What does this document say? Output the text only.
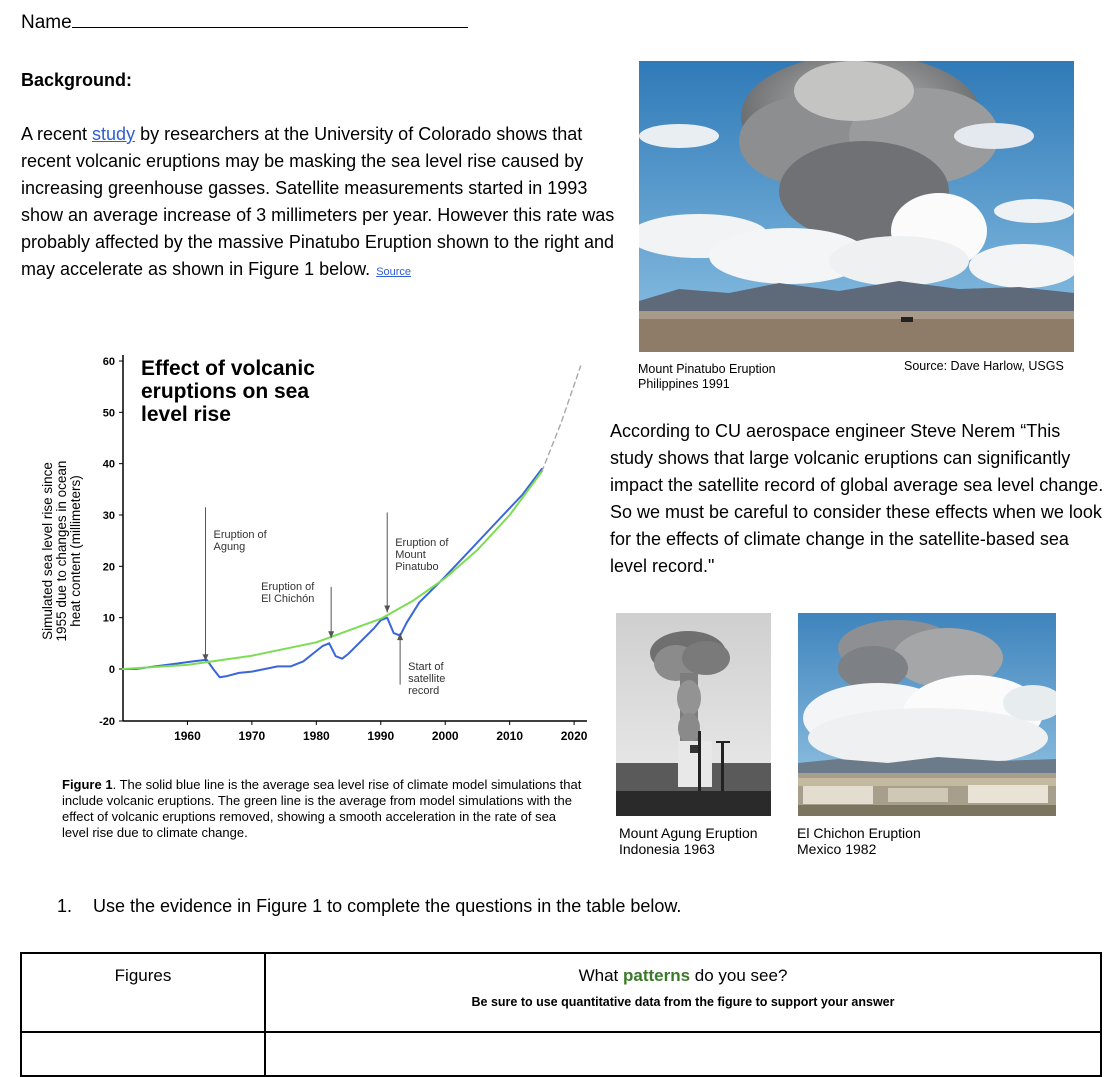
Name
Background:
A recent study by researchers at the University of Colorado shows that recent volcanic eruptions may be masking the sea level rise caused by increasing greenhouse gasses. Satellite measurements started in 1993 show an average increase of 3 millimeters per year. However this rate was probably affected by the massive Pinatubo Eruption shown to the right and may accelerate as shown in Figure 1 below. Source
Mount Pinatubo Eruption
Philippines 1991
Source: Dave Harlow, USGS
According to CU aerospace engineer Steve Nerem “This study shows that large volcanic eruptions can significantly impact the satellite record of global average sea level change. So we must be careful to consider these effects when we look for the effects of climate change in the satellite-based sea level record."
60
50
40
30
20
10
0
-20
1960	1970	1980	1990	2000	2010	2020
Simulated sea level rise since 1955 due to changes in ocean heat content (millimeters)
Effect of volcanic
eruptions on sea
level rise
Eruption of
Agung
Eruption of
El Chichón
Eruption of
Mount
Pinatubo
Start of
satellite
record
Figure 1. The solid blue line is the average sea level rise of climate model simulations that include volcanic eruptions. The green line is the average from model simulations with the effect of volcanic eruptions removed, showing a smooth acceleration in the rate of sea level rise due to climate change.	Mount Agung Eruption
Indonesia 1963
El Chichon Eruption
Mexico 1982
1. Use the evidence in Figure 1 to complete the questions in the table below.
Figures	What patterns do you see?
Be sure to use quantitative data from the figure to support your answer
